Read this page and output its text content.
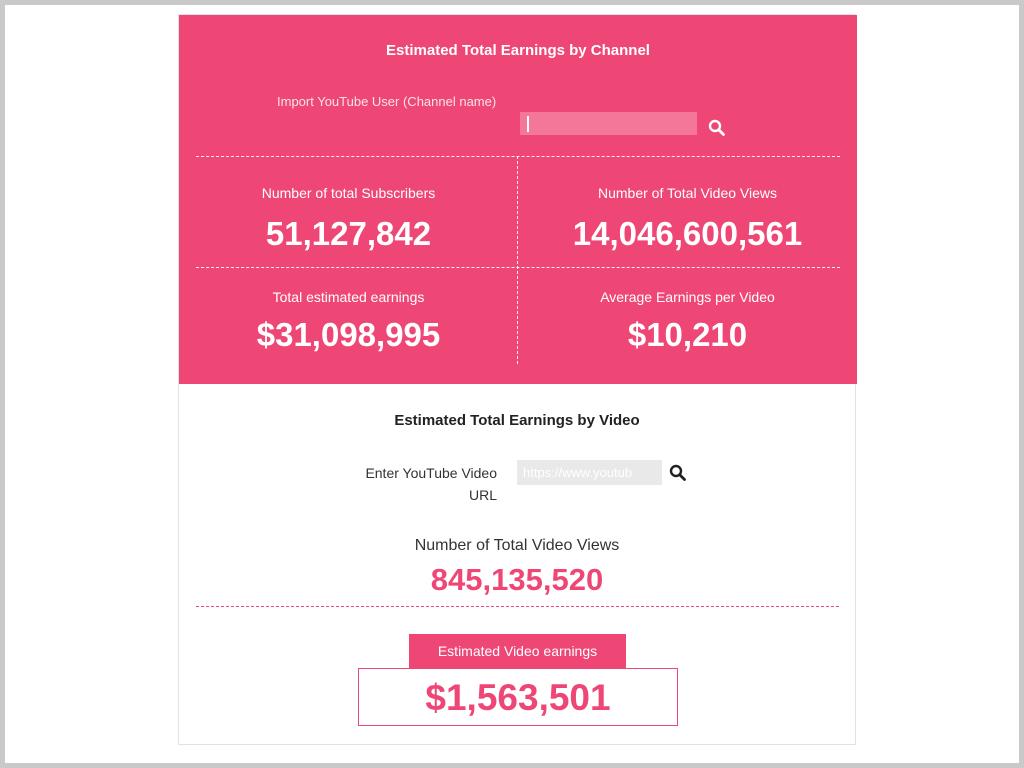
Estimated Total Earnings by Channel
Import YouTube User (Channel name)
Number of total Subscribers
51,127,842
Number of Total Video Views
14,046,600,561
Total estimated earnings
$31,098,995
Average Earnings per Video
$10,210
Estimated Total Earnings by Video
Enter YouTube Video
URL
https://www.youtub
Number of Total Video Views
845,135,520
Estimated Video earnings
$1,563,501
